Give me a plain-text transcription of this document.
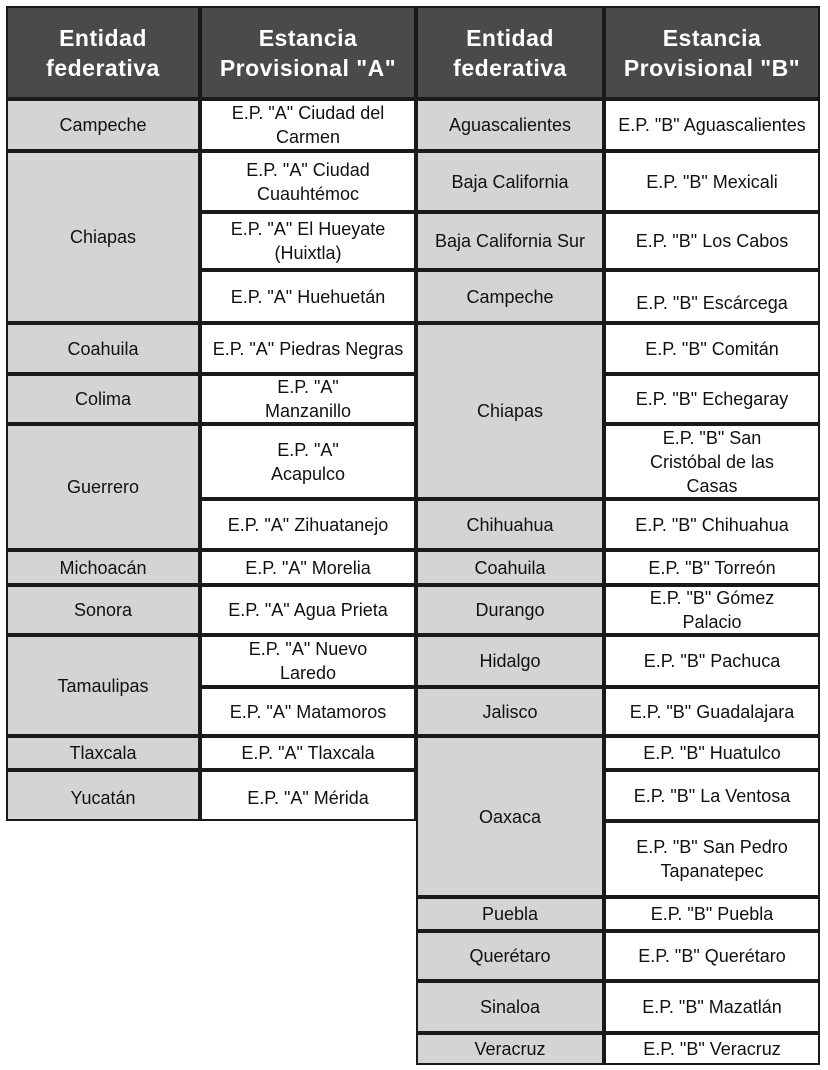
Entidad federativa
Estancia Provisional "A"
Entidad federativa
Estancia Provisional "B"
Campeche
Chiapas
Coahuila
Colima
Guerrero
Michoacán
Sonora
Tamaulipas
Tlaxcala
Yucatán
E.P. "A" Ciudad del Carmen
E.P. "A" Ciudad Cuauhtémoc
E.P. "A" El Hueyate (Huixtla)
E.P. "A" Huehuetán
E.P. "A" Piedras Negras
E.P. "A" Manzanillo
E.P. "A" Acapulco
E.P. "A" Zihuatanejo
E.P. "A" Morelia
E.P. "A" Agua Prieta
E.P. "A" Nuevo Laredo
E.P. "A" Matamoros
E.P. "A" Tlaxcala
E.P. "A" Mérida
Aguascalientes
Baja California
Baja California Sur
Campeche
Chiapas
Chihuahua
Coahuila
Durango
Hidalgo
Jalisco
Oaxaca
Puebla
Querétaro
Sinaloa
Veracruz
E.P. "B" Aguascalientes
E.P. "B" Mexicali
E.P. "B" Los Cabos
E.P. "B" Escárcega
E.P. "B" Comitán
E.P. "B" Echegaray
E.P. "B" San Cristóbal de las Casas
E.P. "B" Chihuahua
E.P. "B" Torreón
E.P. "B" Gómez Palacio
E.P. "B" Pachuca
E.P. "B" Guadalajara
E.P. "B" Huatulco
E.P. "B" La Ventosa
E.P. "B" San Pedro Tapanatepec
E.P. "B" Puebla
E.P. "B" Querétaro
E.P. "B" Mazatlán
E.P. "B" Veracruz
